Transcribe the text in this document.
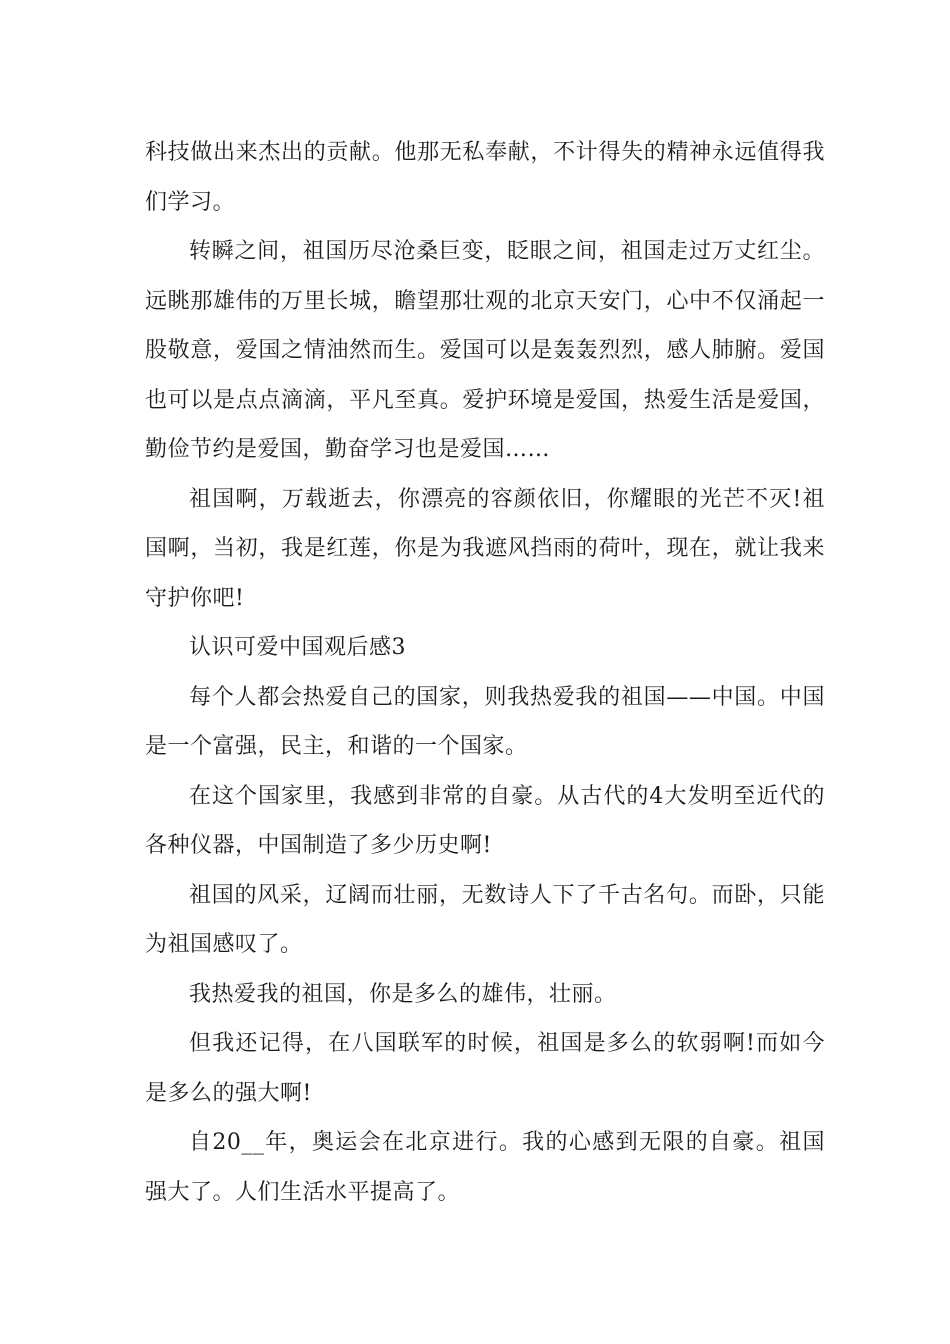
科技做出来杰出的贡献。他那无私奉献，不计得失的精神永远值得我们学习。

转瞬之间，祖国历尽沧桑巨变，眨眼之间，祖国走过万丈红尘。远眺那雄伟的万里长城，瞻望那壮观的北京天安门，心中不仅涌起一股敬意，爱国之情油然而生。爱国可以是轰轰烈烈，感人肺腑。爱国也可以是点点滴滴，平凡至真。爱护环境是爱国，热爱生活是爱国，勤俭节约是爱国，勤奋学习也是爱国……

祖国啊，万载逝去，你漂亮的容颜依旧，你耀眼的光芒不灭!祖国啊，当初，我是红莲，你是为我遮风挡雨的荷叶，现在，就让我来守护你吧!

认识可爱中国观后感3

每个人都会热爱自己的国家，则我热爱我的祖国——中国。中国是一个富强，民主，和谐的一个国家。

在这个国家里，我感到非常的自豪。从古代的4大发明至近代的各种仪器，中国制造了多少历史啊!

祖国的风采，辽阔而壮丽，无数诗人下了千古名句。而卧，只能为祖国感叹了。

我热爱我的祖国，你是多么的雄伟，壮丽。

但我还记得，在八国联军的时候，祖国是多么的软弱啊!而如今是多么的强大啊!

自20__年，奥运会在北京进行。我的心感到无限的自豪。祖国强大了。人们生活水平提高了。
